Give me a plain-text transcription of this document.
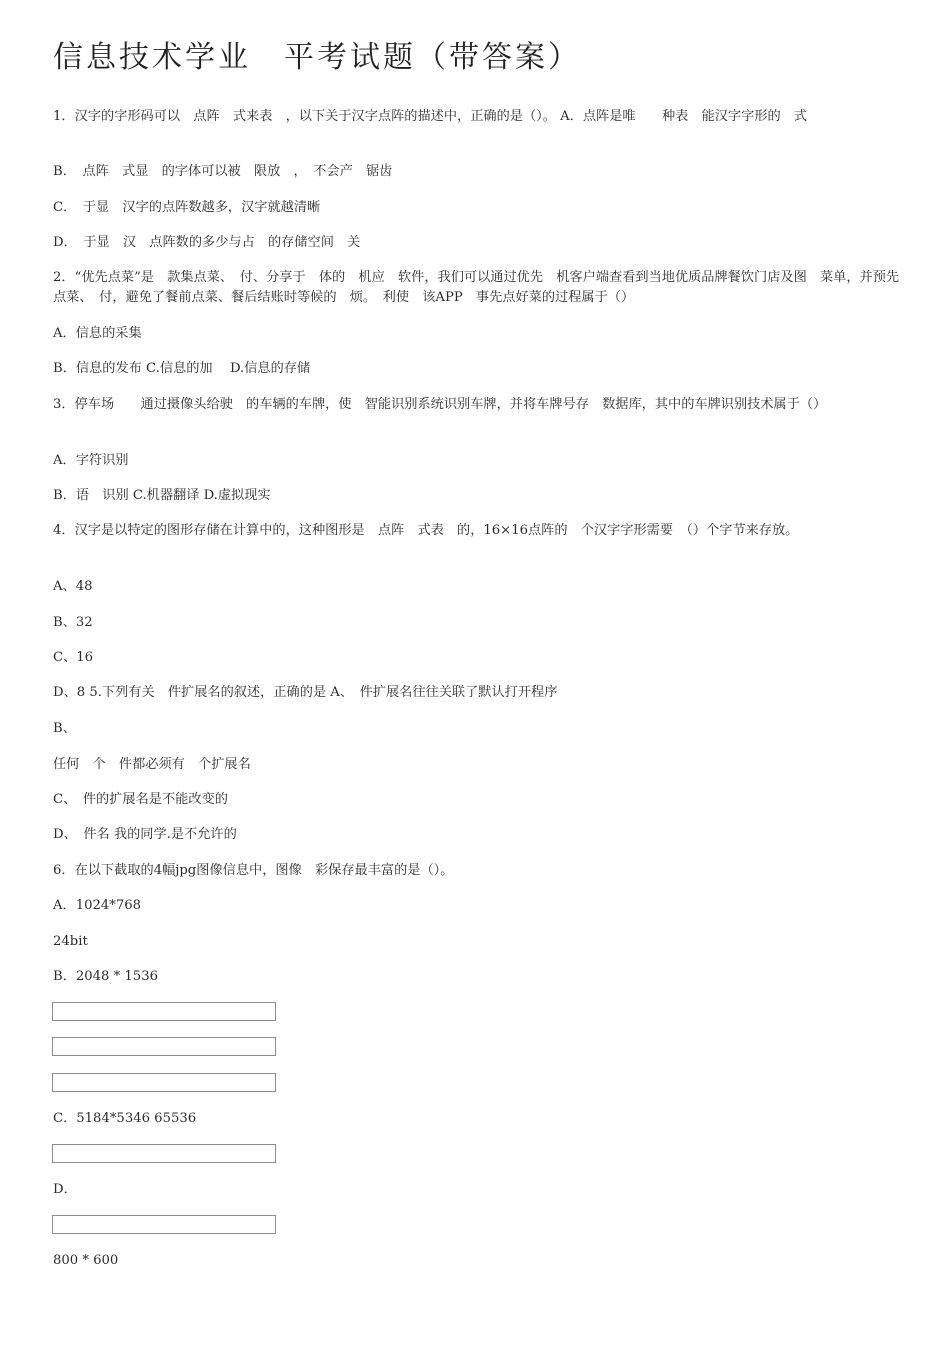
信息技术学业　平考试题（带答案）
1．汉字的字形码可以　点阵　式来表　，以下关于汉字点阵的描述中，正确的是（）。 A．点阵是唯　　种表　能汉字字形的　式
B．　点阵　式显　的字体可以被　限放　，　不会产　锯齿
C．　于显　汉字的点阵数越多，汉字就越清晰
D．　于显　汉　点阵数的多少与占　的存储空间　关
2．“优先点菜”是　款集点菜、　付、分享于　体的　机应　软件，我们可以通过优先　机客户端查看到当地优质品牌餐饮门店及图　菜单，并预先点菜、　付，避免了餐前点菜、餐后结账时等候的　烦。　利使　该APP　事先点好菜的过程属于（）
A．信息的采集
B．信息的发布 C.信息的加　 D.信息的存储
3．停车场　　通过摄像头给驶　的车辆的车牌，使　智能识别系统识别车牌，并将车牌号存　数据库，其中的车牌识别技术属于（）
A．字符识别
B．语　识别 C.机器翻译 D.虚拟现实
4．汉字是以特定的图形存储在计算中的，这种图形是　点阵　式表　的，16×16点阵的　个汉字字形需要　（）个字节来存放。
A、48
B、32
C、16
D、8 5.下列有关　件扩展名的叙述，正确的是 A、　件扩展名往往关联了默认打开程序
B、
任何　个　件都必须有　个扩展名
C、　件的扩展名是不能改变的
D、　件名 我的同学.是不允许的
6．在以下截取的4幅jpg图像信息中，图像　彩保存最丰富的是（）。
A．1024*768
24bit
B．2048 * 1536
C．5184*5346 65536
D．
800 * 600
